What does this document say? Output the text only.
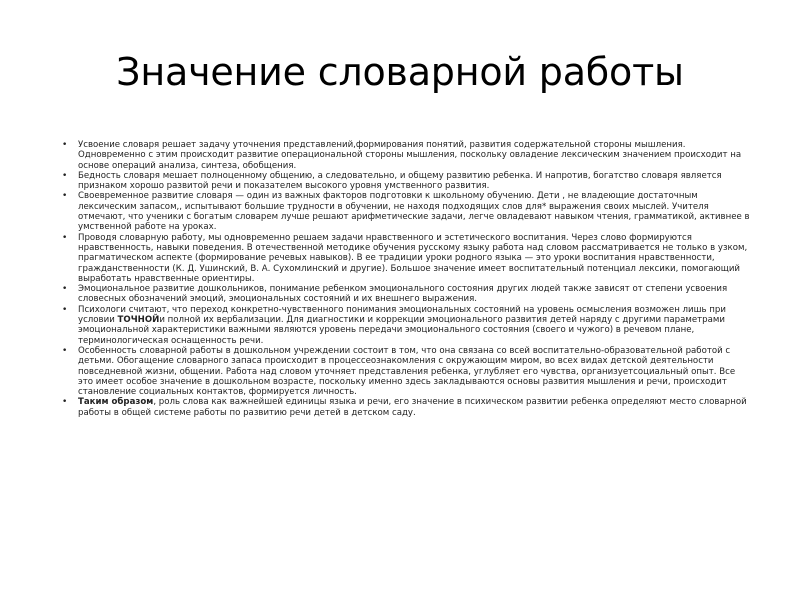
Значение словарной работы
• Усвоение словаря решает задачу уточнения представлений,формирования понятий, развития содержательной стороны мышления. Одновременно с этим происходит развитие операциональной стороны мышления, поскольку овладение лексическим значением происходит на основе операций анализа, синтеза, обобщения.
• Бедность словаря мешает полноценному общению, а следовательно, и общему развитию ребенка. И напротив, богатство словаря является признаком хорошо развитой речи и показателем высокого уровня умственного развития.
• Своевременное развитие словаря — один из важных факторов подготовки к школьному обучению. Дети , не владеющие достаточным лексическим запасом,, испытывают большие трудности в обучении, не находя подходящих слов для* выражения своих мыслей. Учителя отмечают, что ученики с богатым словарем лучше решают арифметические задачи, легче овладевают навыком чтения, грамматикой, активнее в умственной работе на уроках.
• Проводя словарную работу, мы одновременно решаем задачи нравственного и эстетического воспитания. Через слово формируются нравственность, навыки поведения. В отечественной методике обучения русскому языку работа над словом рассматривается не только в узком, прагматическом аспекте (формирование речевых навыков). В ее традиции уроки родного языка — это уроки воспитания нравственности, гражданственности (К. Д. Ушинский, В. А. Сухомлинский и другие). Большое значение имеет воспитательный потенциал лексики, помогающий выработать нравственные ориентиры.
• Эмоциональное развитие дошкольников, понимание ребенком эмоционального состояния других людей также зависят от степени усвоения словесных обозначений эмоций, эмоциональных состояний и их внешнего выражения.
• Психологи считают, что переход конкретно-чувственного понимания эмоциональных состояний на уровень осмысления возможен лишь при условии ТОЧНОЙи полной их вербализации. Для диагностики и коррекции эмоционального развития детей наряду с другими параметрами эмоциональной характеристики важными являются уровень передачи эмоционального состояния (своего и чужого) в речевом плане, терминологическая оснащенность речи.
• Особенность словарной работы в дошкольном учреждении состоит в том, что она связана со всей воспитательно-образовательной работой с детьми. Обогащение словарного запаса происходит в процессеознакомления с окружающим миром, во всех видах детской деятельности повседневной жизни, общении. Работа над словом уточняет представления ребенка, углубляет его чувства, организуетсоциальный опыт. Все это имеет особое значение в дошкольном возрасте, поскольку именно здесь закладываются основы развития мышления и речи, происходит становление социальных контактов, формируется личность.
• Таким образом, роль слова как важнейшей единицы языка и речи, его значение в психическом развитии ребенка определяют место словарной работы в общей системе работы по развитию речи детей в детском саду.
